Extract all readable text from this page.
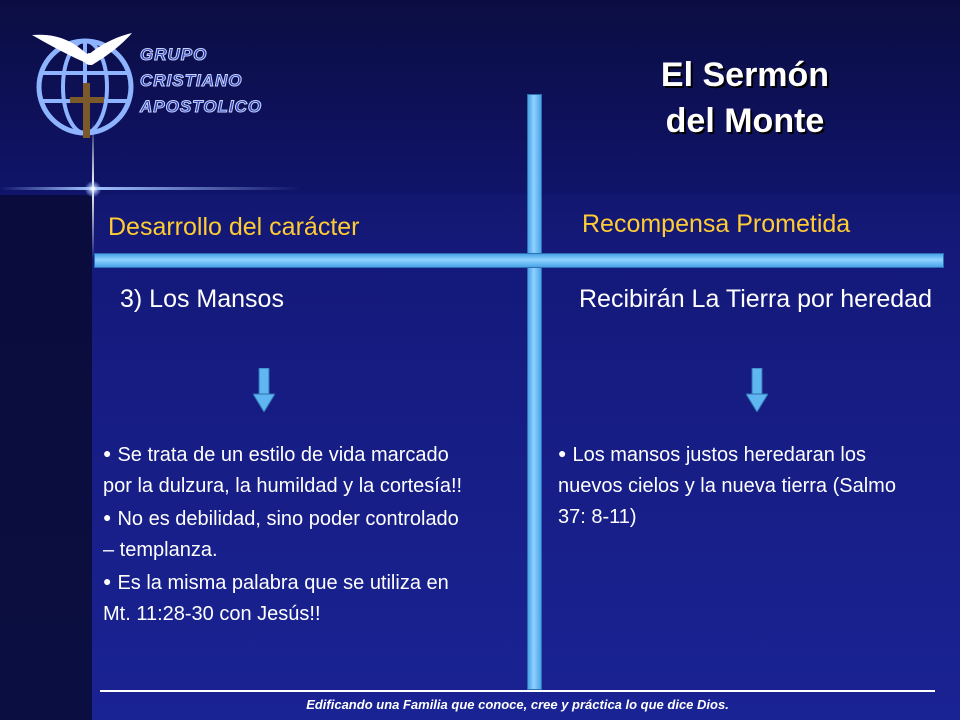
GRUPO
CRISTIANO
APOSTOLICO
El Sermón
del Monte
Desarrollo del carácter	Recompensa Prometida
3) Los Mansos	Recibirán La Tierra por heredad
● Se trata de un estilo de vida marcado por la dulzura, la humildad y la cortesía!!
● No es debilidad, sino poder controlado – templanza.
● Es la misma palabra que se utiliza en Mt. 11:28-30 con Jesús!!
● Los mansos justos heredaran los nuevos cielos y la nueva tierra (Salmo 37: 8-11)
Edificando una Familia que conoce, cree y práctica lo que dice Dios.
